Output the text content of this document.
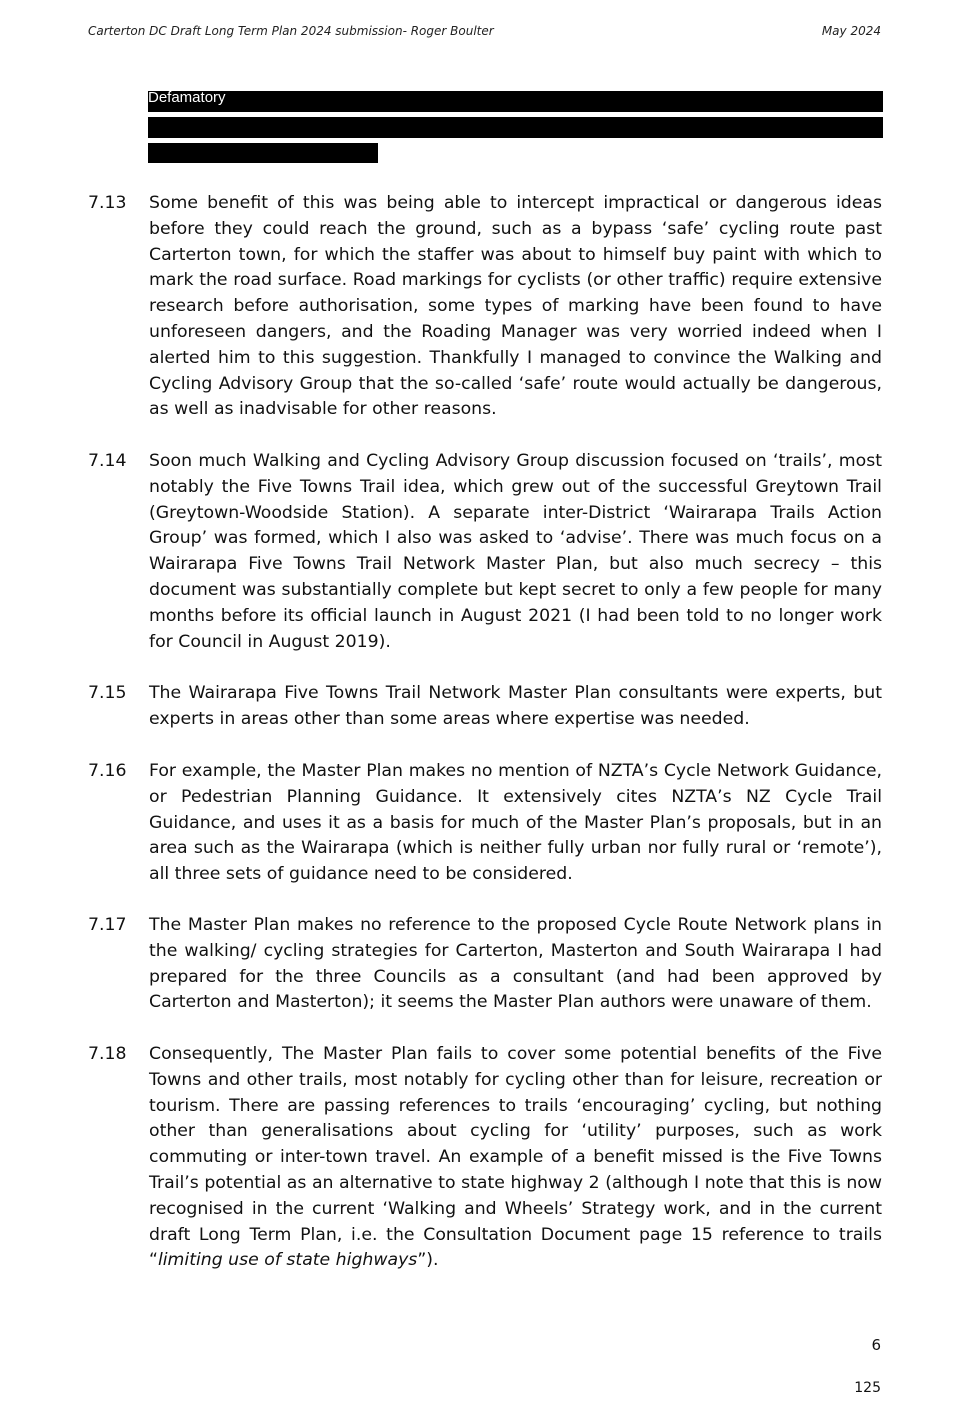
Carterton DC Draft Long Term Plan 2024 submission- Roger Boulter	May 2024
Defamatory
7.13 Some benefit of this was being able to intercept impractical or dangerous ideas before they could reach the ground, such as a bypass ‘safe’ cycling route past Carterton town, for which the staffer was about to himself buy paint with which to mark the road surface. Road markings for cyclists (or other traffic) require extensive research before authorisation, some types of marking have been found to have unforeseen dangers, and the Roading Manager was very worried indeed when I alerted him to this suggestion. Thankfully I managed to convince the Walking and Cycling Advisory Group that the so-called ‘safe’ route would actually be dangerous, as well as inadvisable for other reasons.
7.14 Soon much Walking and Cycling Advisory Group discussion focused on ‘trails’, most notably the Five Towns Trail idea, which grew out of the successful Greytown Trail (Greytown-Woodside Station). A separate inter-District ‘Wairarapa Trails Action Group’ was formed, which I also was asked to ‘advise’. There was much focus on a Wairarapa Five Towns Trail Network Master Plan, but also much secrecy – this document was substantially complete but kept secret to only a few people for many months before its official launch in August 2021 (I had been told to no longer work for Council in August 2019).
7.15 The Wairarapa Five Towns Trail Network Master Plan consultants were experts, but experts in areas other than some areas where expertise was needed.
7.16 For example, the Master Plan makes no mention of NZTA’s Cycle Network Guidance, or Pedestrian Planning Guidance. It extensively cites NZTA’s NZ Cycle Trail Guidance, and uses it as a basis for much of the Master Plan’s proposals, but in an area such as the Wairarapa (which is neither fully urban nor fully rural or ‘remote’), all three sets of guidance need to be considered.
7.17 The Master Plan makes no reference to the proposed Cycle Route Network plans in the walking/ cycling strategies for Carterton, Masterton and South Wairarapa I had prepared for the three Councils as a consultant (and had been approved by Carterton and Masterton); it seems the Master Plan authors were unaware of them.
7.18 Consequently, The Master Plan fails to cover some potential benefits of the Five Towns and other trails, most notably for cycling other than for leisure, recreation or tourism. There are passing references to trails ‘encouraging’ cycling, but nothing other than generalisations about cycling for ‘utility’ purposes, such as work commuting or inter-town travel. An example of a benefit missed is the Five Towns Trail’s potential as an alternative to state highway 2 (although I note that this is now recognised in the current ‘Walking and Wheels’ Strategy work, and in the current draft Long Term Plan, i.e. the Consultation Document page 15 reference to trails “limiting use of state highways”).
6
125
